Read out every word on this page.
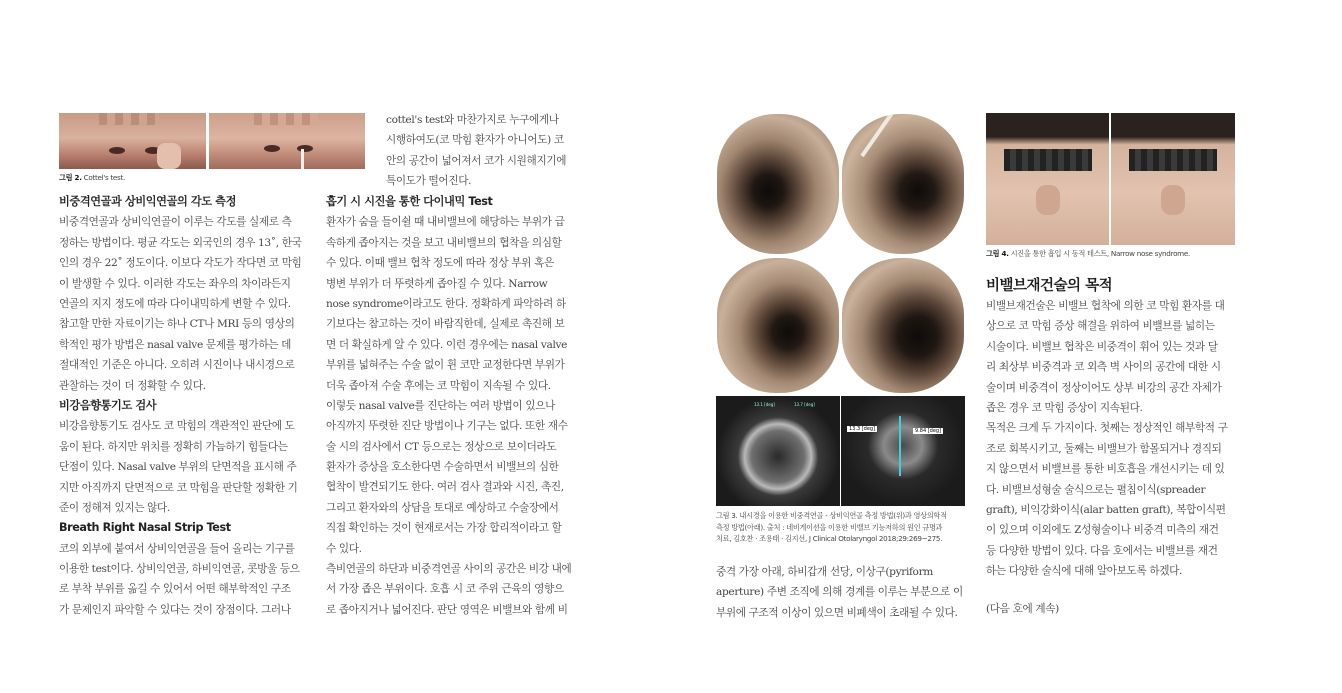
그림 2. Cottel's test.
비중격연골과 상비익연골의 각도 측정

비중격연골과 상비익연골이 이루는 각도를 실제로 측
정하는 방법이다. 평균 각도는 외국인의 경우 13˚, 한국
인의 경우 22˚ 정도이다. 이보다 각도가 작다면 코 막힘
이 발생할 수 있다. 이러한 각도는 좌우의 차이라든지
연골의 지지 정도에 따라 다이내믹하게 변할 수 있다.
참고할 만한 자료이기는 하나 CT나 MRI 등의 영상의
학적인 평가 방법은 nasal valve 문제를 평가하는 데
절대적인 기준은 아니다. 오히려 시진이나 내시경으로
관찰하는 것이 더 정확할 수 있다.

비강음향통기도 검사

비강음향통기도 검사도 코 막힘의 객관적인 판단에 도
움이 된다. 하지만 위치를 정확히 가늠하기 힘들다는
단점이 있다. Nasal valve 부위의 단면적을 표시해 주
지만 아직까지 단면적으로 코 막힘을 판단할 정확한 기
준이 정해져 있지는 않다.

Breath Right Nasal Strip Test

코의 외부에 붙여서 상비익연골을 들어 올리는 기구를
이용한 test이다. 상비익연골, 하비익연골, 콧방울 등으
로 부착 부위를 옮길 수 있어서 어떤 해부학적인 구조
가 문제인지 파악할 수 있다는 것이 장점이다. 그러나

cottel's test와 마찬가지로 누구에게나
시행하여도(코 막힘 환자가 아니어도) 코
안의 공간이 넓어져서 코가 시원해지기에
특이도가 떨어진다.

흡기 시 시진을 통한 다이내믹 Test

환자가 숨을 들이쉴 때 내비밸브에 해당하는 부위가 급
속하게 좁아지는 것을 보고 내비밸브의 협착을 의심할
수 있다. 이때 밸브 협착 정도에 따라 정상 부위 혹은
병변 부위가 더 뚜렷하게 좁아질 수 있다. Narrow
nose syndrome이라고도 한다. 정확하게 파악하려 하
기보다는 참고하는 것이 바람직한데, 실제로 촉진해 보
면 더 확실하게 알 수 있다. 이런 경우에는 nasal valve
부위를 넓혀주는 수술 없이 휜 코만 교정한다면 부위가
더욱 좁아져 수술 후에는 코 막힘이 지속될 수 있다.

이렇듯 nasal valve를 진단하는 여러 방법이 있으나
아직까지 뚜렷한 진단 방법이나 기구는 없다. 또한 재수
술 시의 검사에서 CT 등으로는 정상으로 보이더라도
환자가 증상을 호소한다면 수술하면서 비밸브의 심한
협착이 발견되기도 한다. 여러 검사 결과와 시진, 촉진,
그리고 환자와의 상담을 토대로 예상하고 수술장에서
직접 확인하는 것이 현재로서는 가장 합리적이라고 할
수 있다.

측비연골의 하단과 비중격연골 사이의 공간은 비강 내에
서 가장 좁은 부위이다. 호흡 시 코 주위 근육의 영향으
로 좁아지거나 넓어진다. 판단 영역은 비밸브와 함께 비

A
B
13.1 [deg]	13.7 [deg]
13.3 [deg]	9.84 [deg]
그림 3. 내시경을 이용한 비중격연골 - 상비익연골 측정 방법(위)과 영상의학적
측정 방법(아래). 출처 : 네비게이션을 이용한 비밸브 기능저하의 원인 규명과
치료, 김호찬 · 조용태 · 김지선, J Clinical Otolaryngol 2018;29:269~275.

중격 가장 아래, 하비갑개 선당, 이상구(pyriform
aperture) 주변 조직에 의해 경계를 이루는 부분으로 이
부위에 구조적 이상이 있으면 비폐색이 초래될 수 있다.

그림 4. 시진을 통한 흡입 시 동적 테스트, Narrow nose syndrome.
비밸브재건술의 목적

비밸브재건술은 비밸브 협착에 의한 코 막힘 환자를 대
상으로 코 막힘 증상 해결을 위하여 비밸브를 넓히는
시술이다. 비밸브 협착은 비중격이 휘어 있는 것과 달
리 최상부 비중격과 코 외측 벽 사이의 공간에 대한 시
술이며 비중격이 정상이어도 상부 비강의 공간 자체가
좁은 경우 코 막힘 증상이 지속된다.

목적은 크게 두 가지이다. 첫째는 정상적인 해부학적 구
조로 회복시키고, 둘째는 비밸브가 함몰되거나 경직되
지 않으면서 비밸브를 통한 비호흡을 개선시키는 데 있
다. 비밸브성형술 술식으로는 펼침이식(spreader
graft), 비익강화이식(alar batten graft), 복합이식편
이 있으며 이외에도 Z성형술이나 비중격 미측의 재건
등 다양한 방법이 있다. 다음 호에서는 비밸브를 재건
하는 다양한 술식에 대해 알아보도록 하겠다.

(다음 호에 계속)
